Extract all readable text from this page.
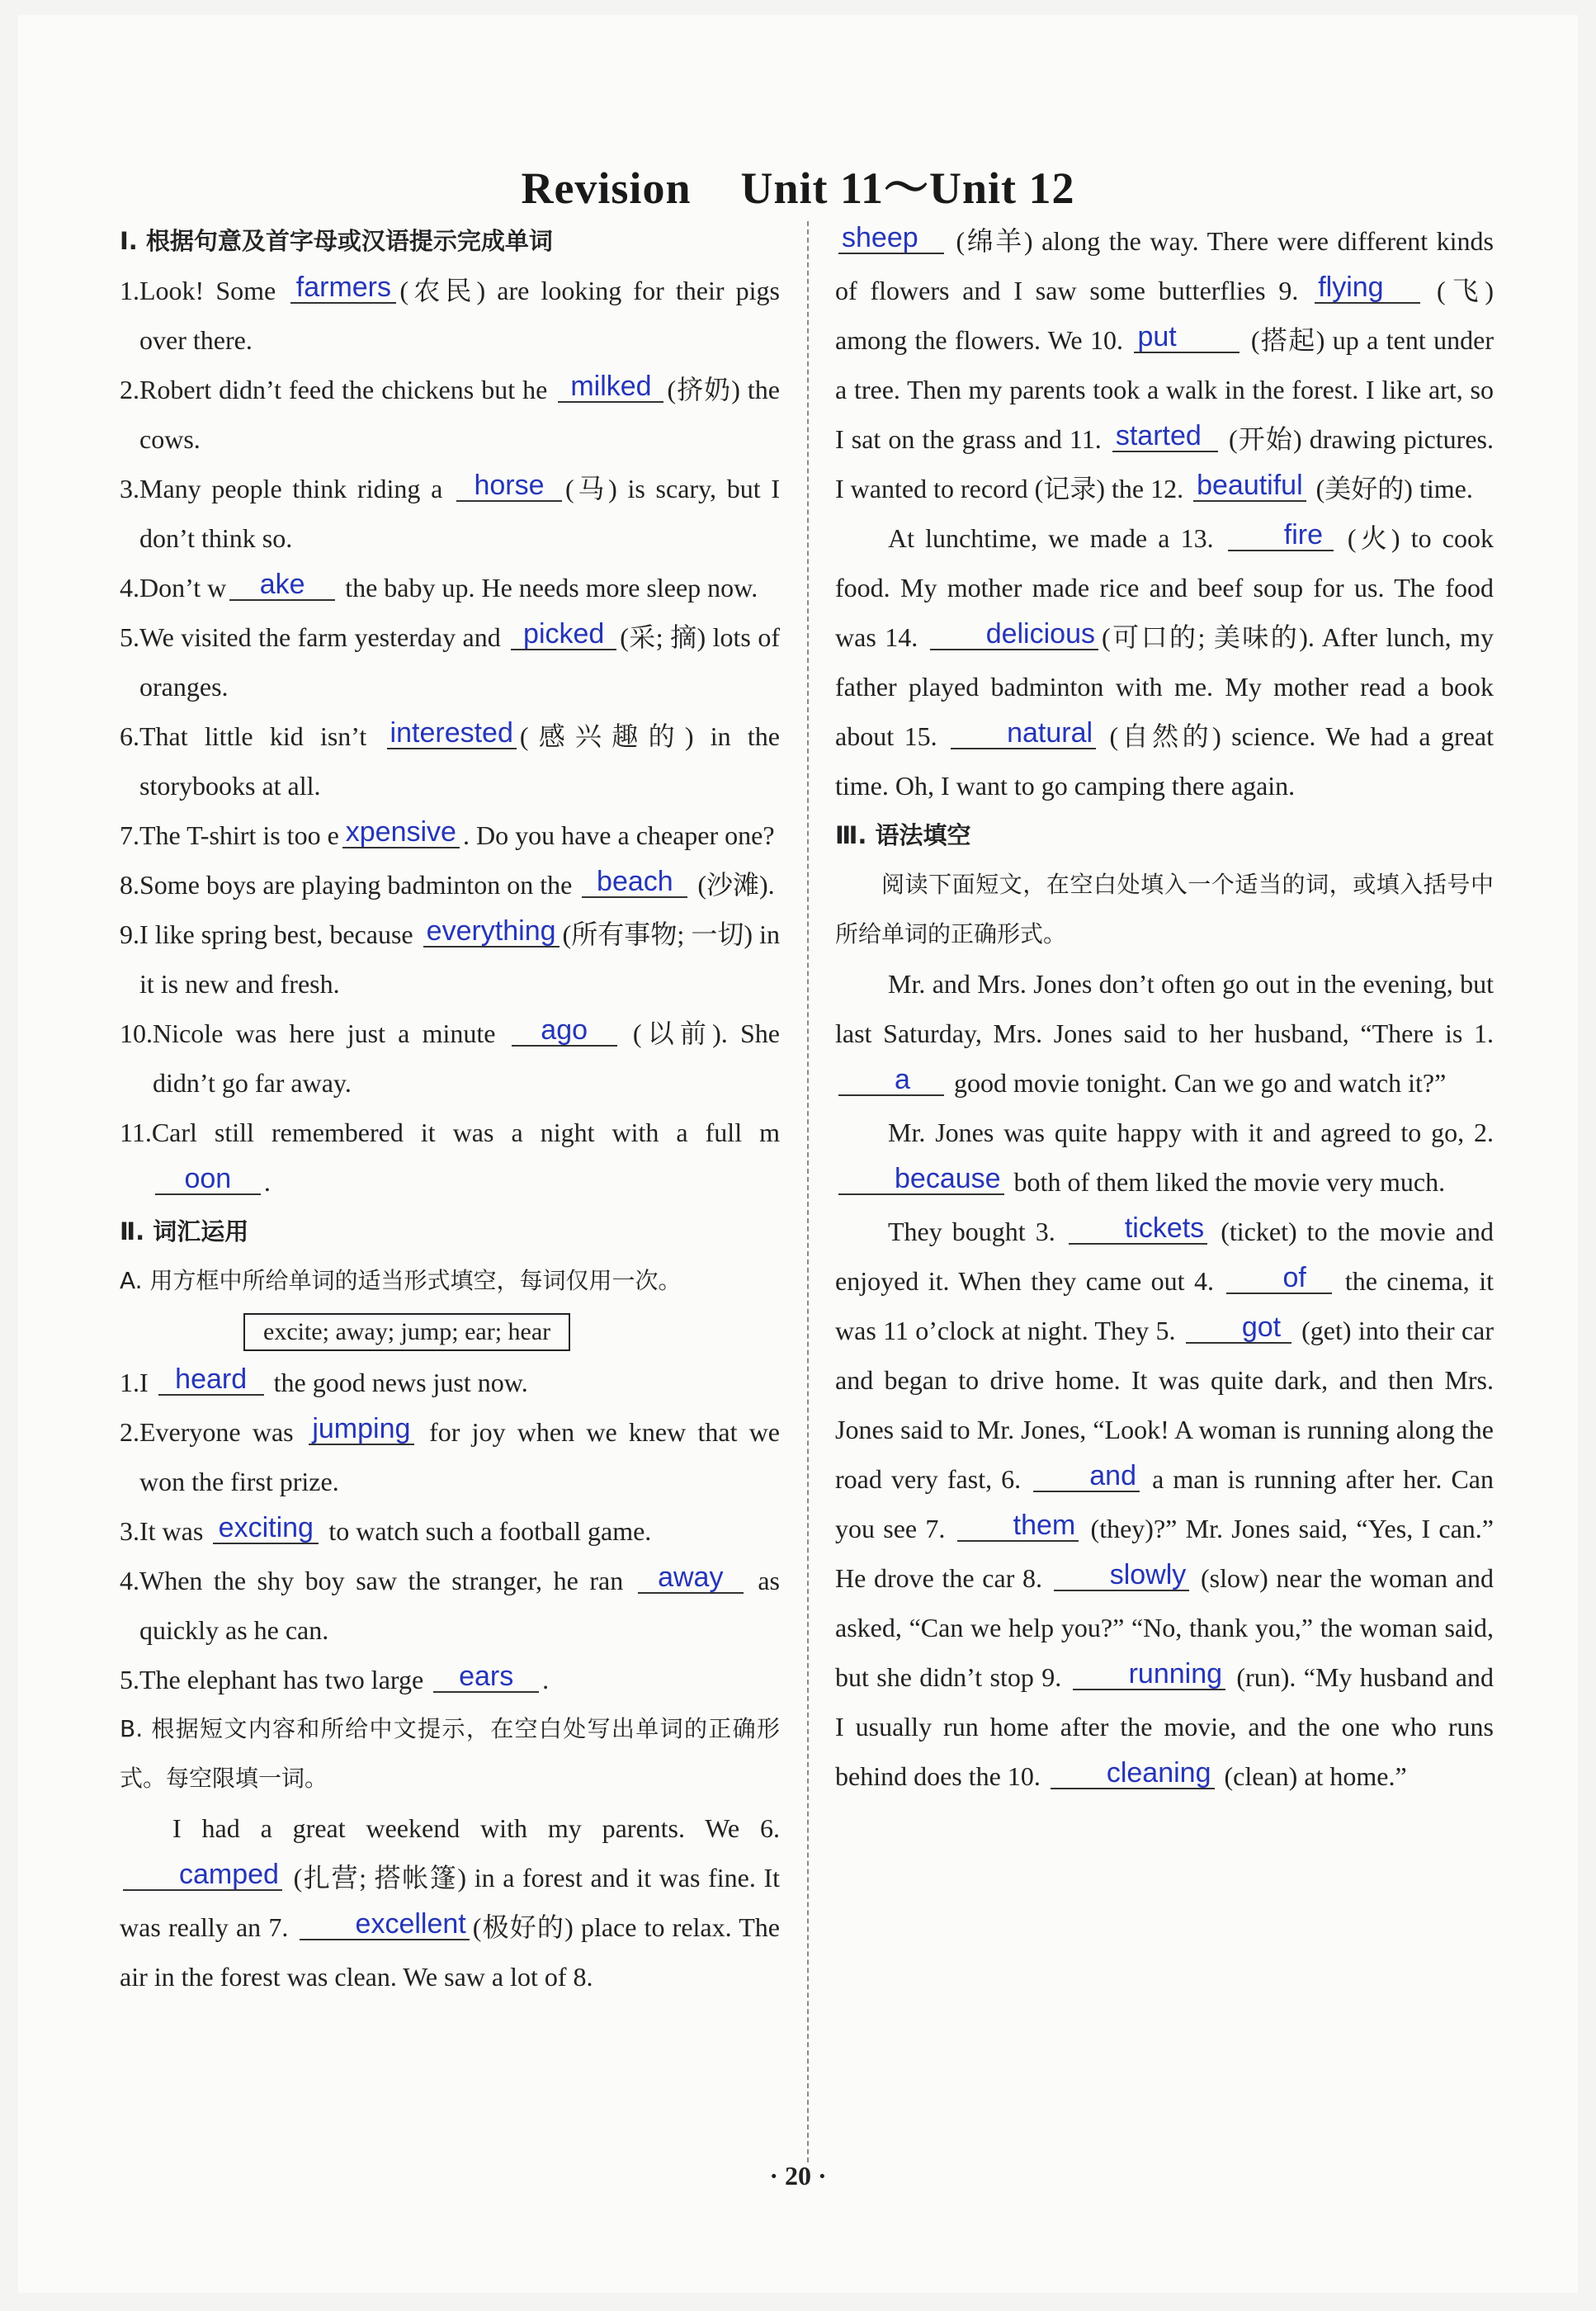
Revision Unit 11～Unit 12
Ⅰ. 根据句意及首字母或汉语提示完成单词
1. Look! Some farmers (农民) are looking for their pigs over there.
2. Robert didn’t feed the chickens but he milked (挤奶) the cows.
3. Many people think riding a horse (马) is scary, but I don’t think so.
4. Don’t w ake the baby up. He needs more sleep now.
5. We visited the farm yesterday and picked (采; 摘) lots of oranges.
6. That little kid isn’t interested (感兴趣的) in the storybooks at all.
7. The T-shirt is too e xpensive . Do you have a cheaper one?
8. Some boys are playing badminton on the beach (沙滩).
9. I like spring best, because everything (所有事物; 一切) in it is new and fresh.
10. Nicole was here just a minute ago (以前). She didn’t go far away.
11. Carl still remembered it was a night with a full moon .
Ⅱ. 词汇运用
A. 用方框中所给单词的适当形式填空，每词仅用一次。
excite; away; jump; ear; hear
1. I heard the good news just now.
2. Everyone was jumping for joy when we knew that we won the first prize.
3. It was exciting to watch such a football game.
4. When the shy boy saw the stranger, he ran away as quickly as he can.
5. The elephant has two large ears .
B. 根据短文内容和所给中文提示，在空白处写出单词的正确形式。每空限填一词。
I had a great weekend with my parents. We 6. camped (扎营; 搭帐篷) in a forest and it was fine. It was really an 7. excellent (极好的) place to relax. The air in the forest was clean. We saw a lot of 8.
sheep (绵羊) along the way. There were different kinds of flowers and I saw some butterflies 9. flying (飞) among the flowers. We 10. put	(搭起) up a tent under a tree. Then my parents took a walk in the forest. I like art, so I sat on the grass and 11. started (开始) drawing pictures. I wanted to record (记录) the 12. beautiful (美好的) time.
At lunchtime, we made a 13. fire (火) to cook food. My mother made rice and beef soup for us. The food was 14. delicious (可口的; 美味的). After lunch, my father played badminton with me. My mother read a book about 15. natural (自然的) science. We had a great time. Oh, I want to go camping there again.
Ⅲ. 语法填空
阅读下面短文，在空白处填入一个适当的词，或填入括号中所给单词的正确形式。
Mr. and Mrs. Jones don’t often go out in the evening, but last Saturday, Mrs. Jones said to her husband, “There is 1. a good movie tonight. Can we go and watch it?”
Mr. Jones was quite happy with it and agreed to go, 2. because both of them liked the movie very much.
They bought 3. tickets (ticket) to the movie and enjoyed it. When they came out 4. of the cinema, it was 11 o’clock at night. They 5. got (get) into their car and began to drive home. It was quite dark, and then Mrs. Jones said to Mr. Jones, “Look! A woman is running along the road very fast, 6. and a man is running after her. Can you see 7. them (they)?” Mr. Jones said, “Yes, I can.” He drove the car 8. slowly (slow) near the woman and asked, “Can we help you?” “No, thank you,” the woman said, but she didn’t stop 9. running (run). “My husband and I usually run home after the movie, and the one who runs behind does the 10. cleaning (clean) at home.”
· 20 ·
